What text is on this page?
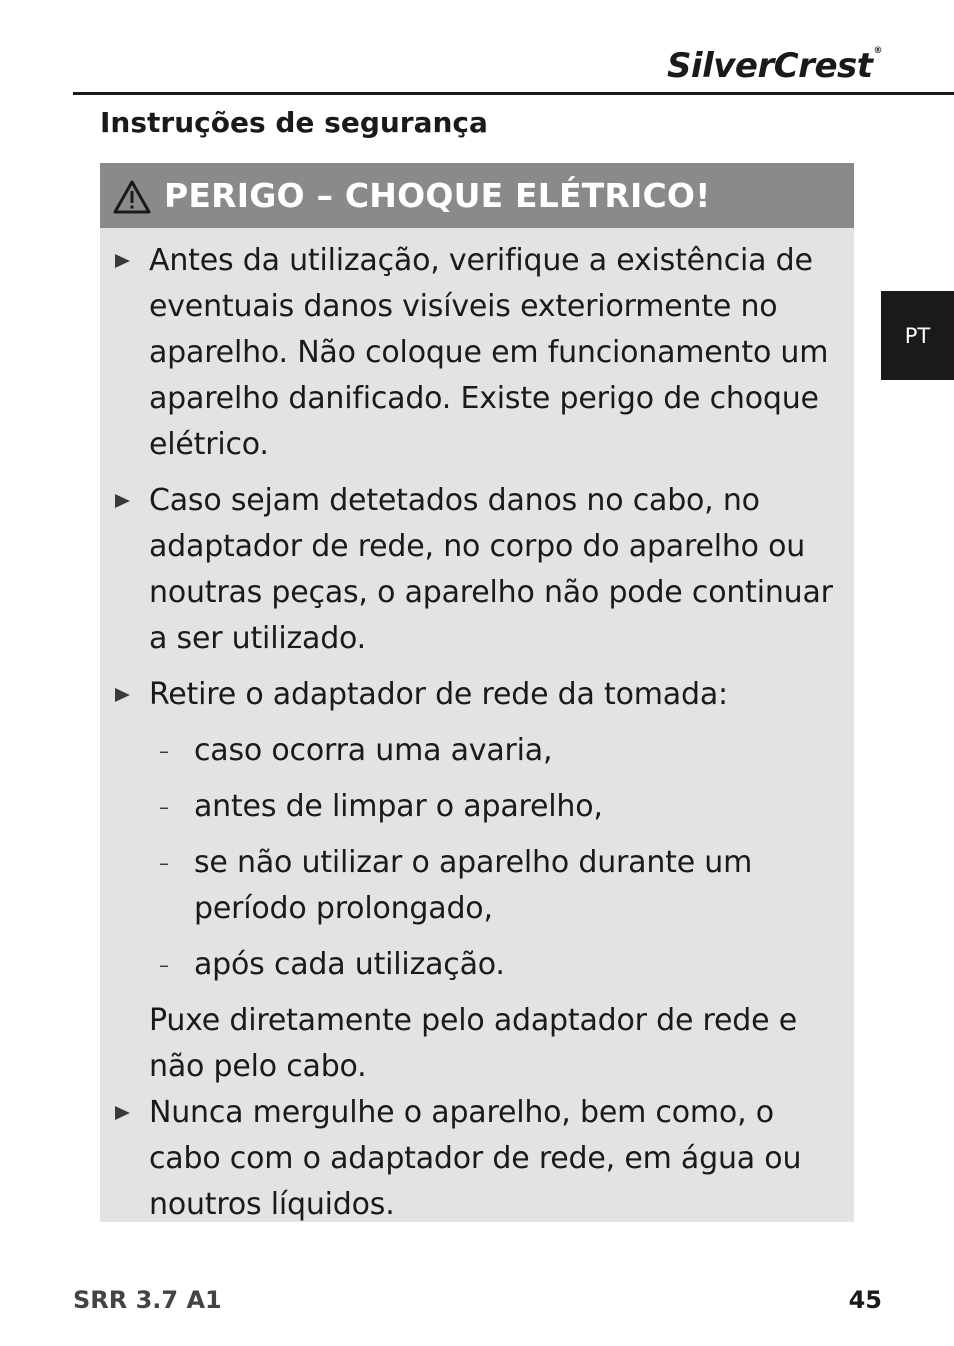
SilverCrest®
Instruções de segurança
PT
PERIGO – CHOQUE ELÉTRICO!
Antes da utilização, verifique a existência de eventuais danos visíveis exteriormente no aparelho. Não coloque em funcionamento um aparelho danificado. Existe perigo de choque elétrico.
Caso sejam detetados danos no cabo, no adaptador de rede, no corpo do aparelho ou noutras peças, o aparelho não pode continuar a ser utilizado.
Retire o adaptador de rede da tomada:
– caso ocorra uma avaria,
– antes de limpar o aparelho,
– se não utilizar o aparelho durante um período prolongado,
– após cada utilização.
Puxe diretamente pelo adaptador de rede e não pelo cabo.
Nunca mergulhe o aparelho, bem como, o cabo com o adaptador de rede, em água ou noutros líquidos.
SRR 3.7 A1	45
